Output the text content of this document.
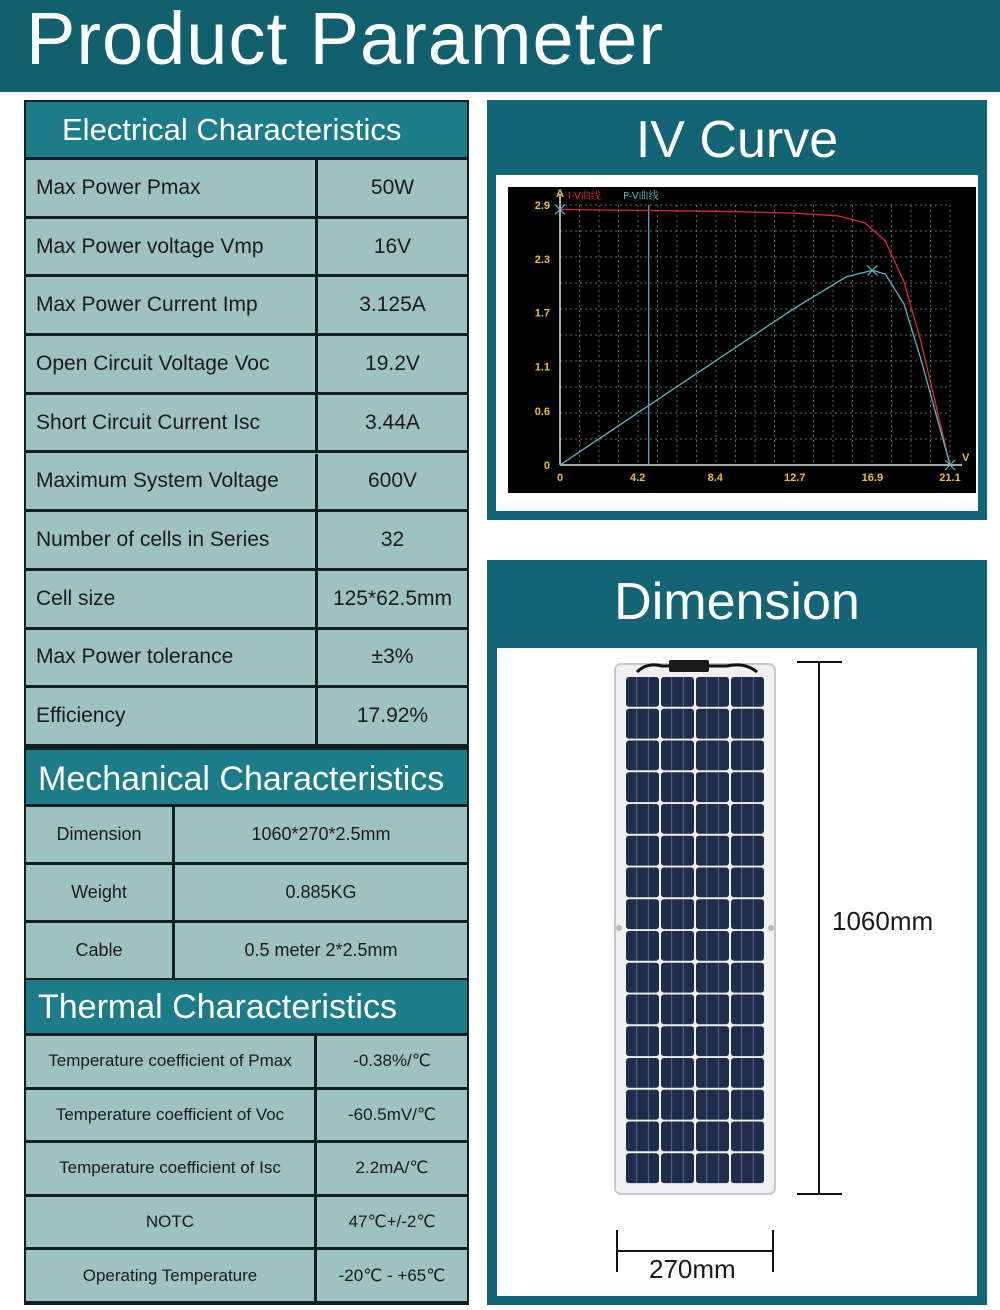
Product Parameter
Electrical Characteristics
Max Power Pmax	50W
Max Power voltage Vmp	16V
Max Power Current Imp	3.125A
Open Circuit Voltage Voc	19.2V
Short Circuit Current Isc	3.44A
Maximum System Voltage	600V
Number of cells in Series	32
Cell size	125*62.5mm
Max Power tolerance	±3%
Efficiency	17.92%
Mechanical Characteristics
Dimension	1060*270*2.5mm
Weight	0.885KG
Cable	0.5 meter 2*2.5mm
Thermal Characteristics
Temperature coefficient of Pmax	-0.38%/℃
Temperature coefficient of Voc	-60.5mV/℃
Temperature coefficient of Isc	2.2mA/℃
NOTC	47℃+/-2℃
Operating Temperature	-20℃ - +65℃
IV Curve
2.9
2.3
1.7
1.1
0.6
0
0	4.2	8.4	12.7	16.9	21.1
A
V
I-V曲线 P-V曲线
Dimension
1060mm
270mm
